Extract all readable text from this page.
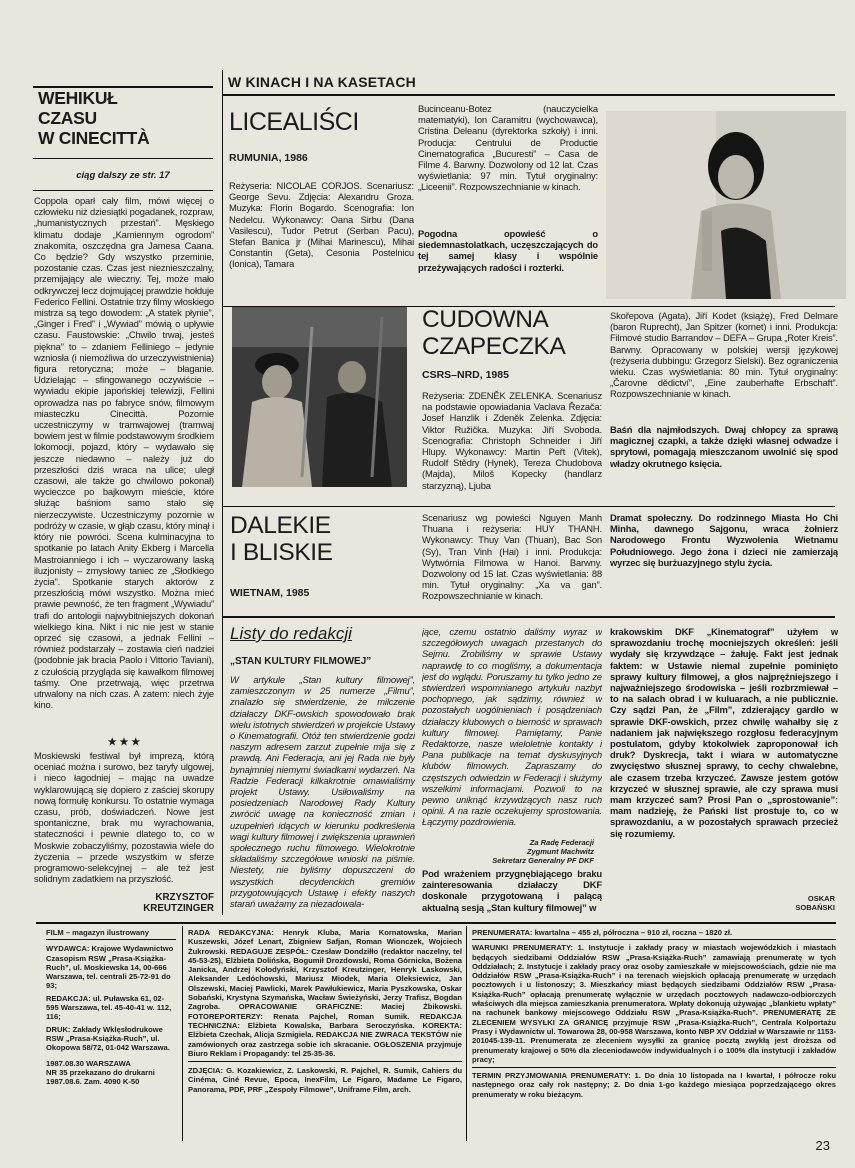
WEHIKUŁ
CZASU
W CINECITTÀ
ciąg dalszy ze str. 17
Coppola oparł cały film, mówi więcej o człowieku niż dziesiątki pogadanek, rozpraw, „humanistycznych przestań”. Męskiego klimatu dodaje „Kamiennym ogrodom” znakomita, oszczędna gra Jamesa Caana. Co będzie? Gdy wszystko przeminie, pozostanie czas. Czas jest nieznieszczalny, przemijający ale wieczny. Tej, może mało odkrywczej lecz dojmującej prawdzie hołduje Federico Fellini. Ostatnie trzy filmy włoskiego mistrza są tego dowodem: „A statek płynie”, „Ginger i Fred” i „Wywiad” mówią o upływie czasu. Faustowskie: „Chwilo trwaj, jesteś piękna” to – zdaniem Felliniego – jedynie wzniosła (i niemożliwa do urzeczywistnienia) figura retoryczna; może – błaganie. Udzielając – sfingowanego oczywiście – wywiadu ekipie japońskiej telewizji, Fellini oprowadza nas po fabryce snów, filmowym miasteczku Cinecittà. Pozornie uczestniczymy w tramwajowej (tramwaj bowiem jest w filmie podstawowym środkiem lokomocji, pojazd, który – wydawało się jeszcze niedawno – należy już do przeszłości dziś wraca na ulice; uległ czasowi, ale także go chwilowo pokonał) wycieczce po bajkowym mieście, które służąc baśniom samo stało się nierzeczywiste. Uczestniczymy pozornie w podróży w czasie, w głąb czasu, który minął i który nie powróci. Scena kulminacyjna to spotkanie po latach Anity Ekberg i Marcella Mastroianniego i ich – wyczarowany laską iluzjonisty – zmysłowy taniec ze „Słodkiego życia”. Spotkanie starych aktorów z przeszłością mówi wszystko. Można mieć prawie pewność, że ten fragment „Wywiadu” trafi do antologii najwybitniejszych dokonań wielkiego kina. Nikt i nic nie jest w stanie oprzeć się czasowi, a jednak Fellini – również podstarzały – zostawia cień nadziei (podobnie jak bracia Paolo i Vittorio Taviani), z czułością przygląda się kawałkom filmowej taśmy. One przetrwają, więc przetrwa utrwalony na nich czas. A zatem: niech żyje kino.
★ ★ ★
Moskiewski festiwal był imprezą, którą oceniać można i surowo, bez taryfy ulgowej, i nieco łagodniej – mając na uwadze wyklarowującą się dopiero z zaściej skorupy nową formułę konkursu. To ostatnie wymaga czasu, prób, doświadczeń. Nowe jest spontaniczne, brak mu wyrachowania, stateczności i pewnie dlatego to, co w Moskwie zobaczyliśmy, pozostawia wiele do życzenia – przede wszystkim w sferze programowo-selekcyjnej – ale też jest solidnym zadatkiem na przyszłość.
KRZYSZTOF
KREUTZINGER
W KINACH I NA KASETACH
LICEALIŚCI
RUMUNIA, 1986
Reżyseria: NICOLAE CORJOS. Scenariusz: George Sevu. Zdjęcia: Alexandru Groza. Muzyka: Florin Bogardo. Scenografia: Ion Nedelcu. Wykonawcy: Oana Sirbu (Dana Vasilescu), Tudor Petrut (Serban Pacu), Stefan Banica jr (Mihai Marinescu), Mihai Constantin (Geta), Cesonia Postelnicu (Ionica), Tamara
Bucinceanu-Botez (nauczycielka matematyki), Ion Caramitru (wychowawca), Cristina Deleanu (dyrektorka szkoły) i inni. Producja: Centrului de Productie Cinematografica „Bucuresti” – Casa de Filme 4. Barwny. Dozwolony od 12 lat. Czas wyświetlania: 97 min. Tytuł oryginalny: „Liceenii”. Rozpowszechnianie w kinach.
Pogodna opowieść o siedemnastolatkach, uczęszczających do tej samej klasy i wspólnie przeżywających radości i rozterki.
CUDOWNA
CZAPECZKA
CSRS–NRD, 1985
Reżyseria: ZDENĚK ZELENKA. Scenariusz na podstawie opowiadania Vaclava Řezača: Josef Hanzlik i Zdeněk Zelenka. Zdjęcia: Viktor Ružička. Muzyka: Jiří Svoboda. Scenografia: Christoph Schneider i Jiří Hlupy. Wykonawcy: Martin Peřt (Vitek), Rudolf Stědry (Hynek), Tereza Chudobova (Majda), Miloš Kopecky (handlarz starzyzną), Ljuba
Skořepova (Agata), Jiří Kodet (książę), Fred Delmare (baron Ruprecht), Jan Spitzer (kornet) i inni. Produkcja: Filmové studio Barrandov – DEFA – Grupa „Roter Kreis”. Barwny. Opracowany w polskiej wersji językowej (reżyseria dubbingu: Grzegorz Sielski). Bez ograniczenia wieku. Czas wyświetlania: 80 min. Tytuł oryginalny: „Čarovne dědictví”, „Eine zauberhafte Erbschaft”. Rozpowszechnianie w kinach.
Baśń dla najmłodszych. Dwaj chłopcy za sprawą magicznej czapki, a także dzięki własnej odwadze i sprytowi, pomagają mieszczanom uwolnić się spod władzy okrutnego księcia.
DALEKIE
I BLISKIE
WIETNAM, 1985
Scenariusz wg powieści Nguyen Manh Thuana i reżyseria: HUY THANH. Wykonawcy: Thuy Van (Thuan), Bac Son (Sy), Tran Vinh (Hai) i inni. Produkcja: Wytwórnia Filmowa w Hanoi. Barwny. Dozwolony od 15 lat. Czas wyświetlania: 88 min. Tytuł oryginalny: „Xa va gan”. Rozpowszechnianie w kinach.
Dramat społeczny. Do rodzinnego Miasta Ho Chi Minha, dawnego Sajgonu, wraca żołnierz Narodowego Frontu Wyzwolenia Wietnamu Południowego. Jego żona i dzieci nie zamierzają wyrzec się burżuazyjnego stylu życia.
Listy do redakcji
„STAN KULTURY FILMOWEJ”
W artykule „Stan kultury filmowej”, zamieszczonym w 25 numerze „Filmu”, znalazło się stwierdzenie, że milczenie działaczy DKF-owskich spowodowało brak wielu istotnych stwierdzeń w projekcie Ustawy o Kinematografii. Otóż ten stwierdzenie godzi naszym adresem zarzut zupełnie mija się z prawdą. Ani Federacja, ani jej Rada nie były bynajmniej niemymi świadkami wydarzeń. Na Radzie Federacji kilkakrotnie omawialiśmy projekt Ustawy. Usiłowaliśmy na posiedzeniach Narodowej Rady Kultury zwrócić uwagę na konieczność zmian i uzupełnień idących w kierunku podkreślenia wagi kultury filmowej i zwiększenia uprawnień społecznego ruchu filmowego. Wielokrotnie składaliśmy szczegółowe wnioski na piśmie. Niestety, nie byliśmy dopuszczeni do wszystkich decydenckich gremiów przygotowujących Ustawę i efekty naszych starań uważamy za niezadowala-
jące, czemu ostatnio daliśmy wyraz w szczegółowych uwagach przestanych do Sejmu. Zrobiliśmy w sprawie Ustawy naprawdę to co mogliśmy, a dokumentacja jest do wglądu. Poruszamy tu tylko jedno ze stwierdzeń wspomnianego artykułu nazbyt pochopnego, jak sądzimy, również w pozostałych uogólnieniach i posądzeniach działaczy klubowych o bierność w sprawach kultury filmowej. Pamiętamy, Panie Redaktorze, nasze wieloletnie kontakty i Pana publikacje na temat dyskusyjnych klubów filmowych. Zapraszamy do częstszych odwiedzin w Federacji i służymy wszelkimi informacjami. Pozwoli to na pewno uniknąć krzywdzących nasz ruch opinii. A na razie oczekujemy sprostowania. Łączymy pozdrowienia.
Za Radę Federacji
Zygmunt Machwitz
Sekretarz Generalny PF DKF
Pod wrażeniem przygnębiającego braku zainteresowania działaczy DKF doskonale przygotowaną i palącą aktualną sesją „Stan kultury filmowej” w
krakowskim DKF „Kinematograf” użyłem w sprawozdaniu trochę mocniejszych określeń: jeśli wydały się krzywdzące – żałuję. Fakt jest jednak faktem: w Ustawie niemal zupełnie pominięto sprawy kultury filmowej, a głos najprężniejszego i najważniejszego środowiska – jeśli rozbrzmiewał – to na salach obrad i w kuluarach, a nie publicznie. Czy sądzi Pan, że „Film”, zdzierający gardło w sprawie DKF-owskich, przez chwilę wahałby się z nadaniem jak największego rozgłosu federacyjnym postulatom, gdyby ktokolwiek zaproponował ich druk? Dyskrecja, takt i wiara w automatyczne zwycięstwo słusznej sprawy, to cechy chwalebne, ale czasem trzeba krzyczeć. Zawsze jestem gotów krzyczeć w słusznej sprawie, ale czy sprawa musi mam krzyczeć sam? Prosi Pan o „sprostowanie”: mam nadzieję, że Pański list prostuje to, co w sprawozdaniu, a w pozostałych sprawach przecież się rozumiemy.
OSKAR
SOBAŃSKI
FILM – magazyn ilustrowany
WYDAWCA: Krajowe Wydawnictwo Czasopism RSW „Prasa-Książka-Ruch”, ul. Moskiewska 14, 00-666 Warszawa, tel. centrali 25-72-91 do 93;
REDAKCJA: ul. Puławska 61, 02-595 Warszawa, tel. 45-40-41 w. 112, 116;
DRUK: Zakłady Wklęsłodrukowe RSW „Prasa-Książka-Ruch”, ul. Okopowa 58/72, 01-042 Warszawa.
1987.08.30 WARSZAWA
NR 35 przekazano do drukarni 1987.08.6. Zam. 4090 K-50
RADA REDAKCYJNA: Henryk Kluba, Maria Kornatowska, Marian Kuszewski, Józef Lenart, Zbigniew Safjan, Roman Wionczek, Wojciech Żukrowski. REDAGUJE ZESPÓŁ: Czesław Dondziłło (redaktor naczelny, tel 45-53-25), Elżbieta Dolińska, Bogumił Drozdowski, Roma Górnicka, Bożena Janicka, Andrzej Kołodyński, Krzysztof Kreutzinger, Henryk Laskowski, Aleksander Ledóchowski, Mariusz Miodek, Maria Oleksiewicz, Jan Olszewski, Maciej Pawlicki, Marek Pawłukiewicz, Maria Pyszkowska, Oskar Sobański, Krystyna Szymańska, Wacław Świeżyński, Jerzy Trafisz, Bogdan Zagroba. OPRACOWANIE GRAFICZNE: Maciej Żbikowski. FOTOREPORTERZY: Renata Pajchel, Roman Sumik. REDAKCJA TECHNICZNA: Elżbieta Kowalska, Barbara Seroczyńska. KOREKTA: Elżbieta Czechak, Alicja Szmigiela. REDAKCJA NIE ZWRACA TEKSTÓW nie zamówionych oraz zastrzega sobie ich skracanie. OGŁOSZENIA przyjmuje Biuro Reklam i Propagandy: tel 25-35-36.
ZDJĘCIA: G. Kozakiewicz, Z. Laskowski, R. Pajchel, R. Sumik, Cahiers du Cinéma, Ciné Revue, Epoca, InexFilm, Le Figaro, Madame Le Figaro, Panorama, PDF, PRF „Zespoły Filmowe”, Uniframe Film, arch.
PRENUMERATA: kwartalna – 455 zł, półroczna – 910 zł, roczna – 1820 zł.
WARUNKI PRENUMERATY: 1. Instytucje i zakłady pracy w miastach wojewódzkich i miastach będących siedzibami Oddziałów RSW „Prasa-Książka-Ruch” zamawiają prenumeratę w tych Oddziałach; 2. Instytucje i zakłady pracy oraz osoby zamieszkałe w miejscowościach, gdzie nie ma Oddziałów RSW „Prasa-Książka-Ruch” i na terenach wiejskich opłacają prenumeratę w urzędach pocztowych i u listonoszy; 3. Mieszkańcy miast będących siedzibami Oddziałów RSW „Prasa-Książka-Ruch” opłacają prenumeratę wyłącznie w urzędach pocztowych nadawczo-odbiorczych właściwych dla miejsca zamieszkania prenumeratora. Wpłaty dokonują używając „blankietu wpłaty” na rachunek bankowy miejscowego Oddziału RSW „Prasa-Książka-Ruch”. PRENUMERATĘ ZE ZLECENIEM WYSYŁKI ZA GRANICĘ przyjmuje RSW „Prasa-Książka-Ruch”, Centrala Kolportażu Prasy i Wydawnictw ul. Towarowa 28, 00-958 Warszawa, konto NBP XV Oddział w Warszawie nr 1153-201045-139-11. Prenumerata ze zleceniem wysyłki za granicę pocztą zwykłą jest droższa od prenumeraty krajowej o 50% dla zleceniodawców indywidualnych i o 100% dla instytucji i zakładów pracy;
TERMIN PRZYJMOWANIA PRENUMERATY: 1. Do dnia 10 listopada na I kwartał, I półrocze roku następnego oraz cały rok następny; 2. Do dnia 1-go każdego miesiąca poprzedzającego okres prenumeraty w roku bieżącym.
23
